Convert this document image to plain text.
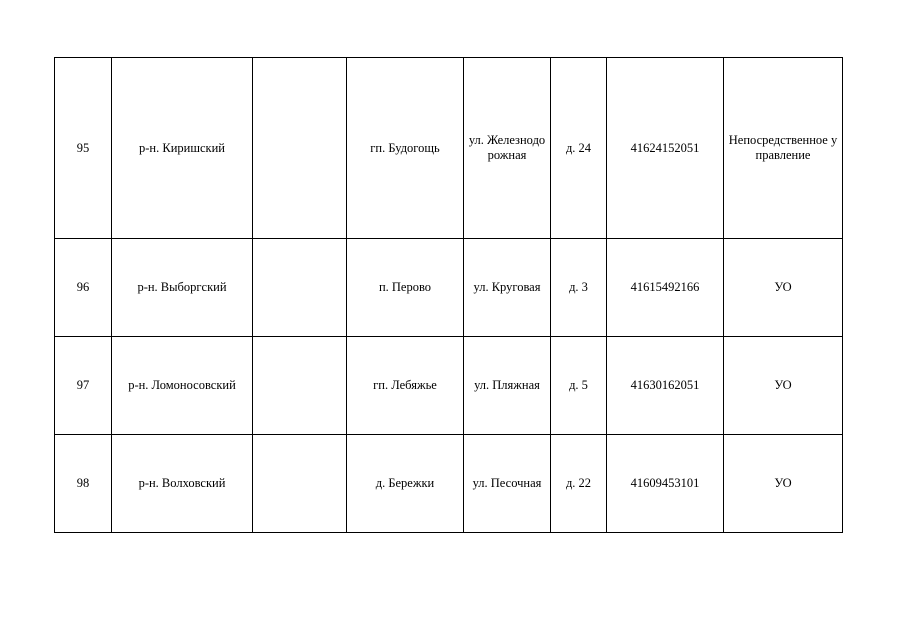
95	р-н. Киришский		гп. Будогощь	ул. Железнодорожная	д. 24	41624152051	Непосредственное управление
96	р-н. Выборгский		п. Перово	ул. Круговая	д. 3	41615492166	УО
97	р-н. Ломоносовский		гп. Лебяжье	ул. Пляжная	д. 5	41630162051	УО
98	р-н. Волховский		д. Бережки	ул. Песочная	д. 22	41609453101	УО
